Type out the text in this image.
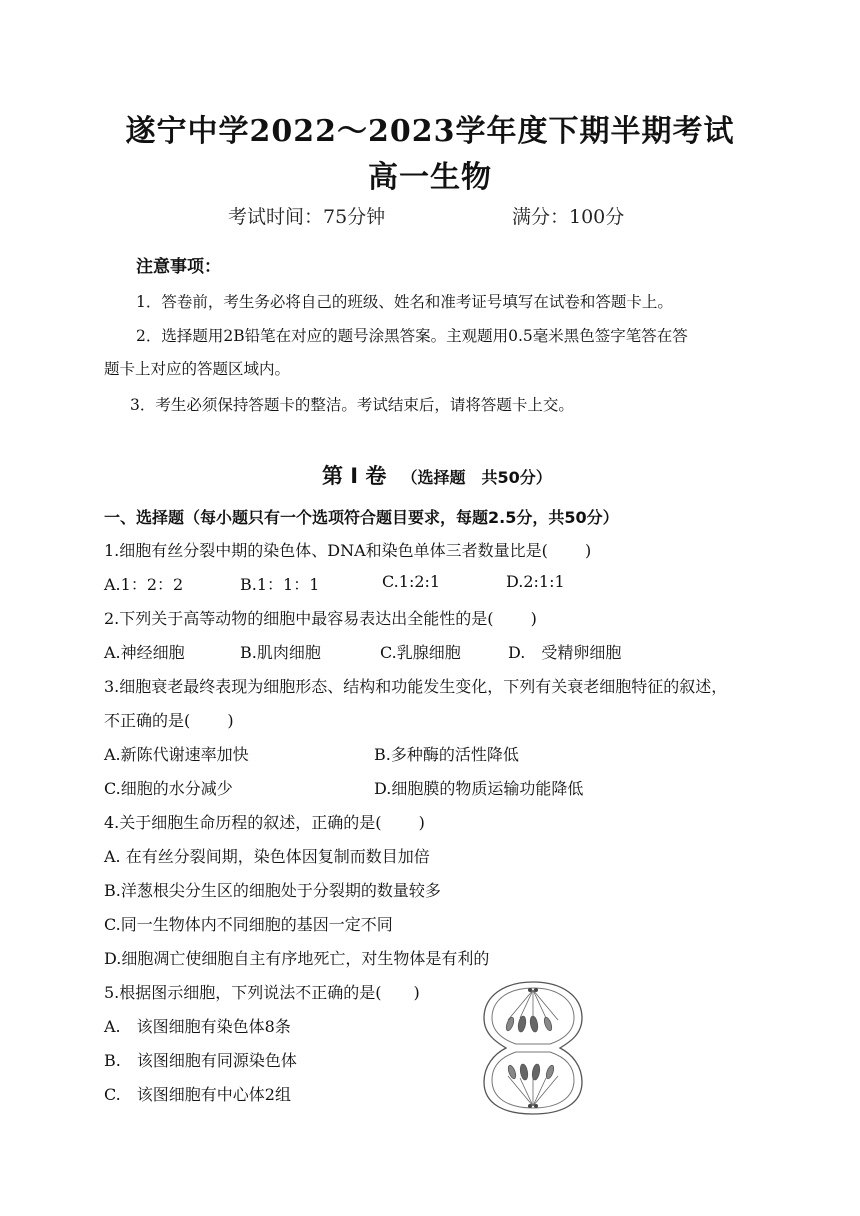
遂宁中学2022～2023学年度下期半期考试
高一生物
考试时间：75分钟	满分：100分
注意事项：
1．答卷前，考生务必将自己的班级、姓名和准考证号填写在试卷和答题卡上。
2．选择题用2B铅笔在对应的题号涂黑答案。主观题用0.5毫米黑色签字笔答在答
题卡上对应的答题区域内。
3．考生必须保持答题卡的整洁。考试结束后，请将答题卡上交。
第 I 卷 （选择题　共50分）
一、选择题（每小题只有一个选项符合题目要求，每题2.5分，共50分）
1.细胞有丝分裂中期的染色体、DNA和染色单体三者数量比是(　　 )
A.1：2：2	B.1：1：1	C.1:2:1	D.2:1:1
2.下列关于高等动物的细胞中最容易表达出全能性的是(　　 )
A.神经细胞	B.肌肉细胞	C.乳腺细胞	D.　受精卵细胞
3.细胞衰老最终表现为细胞形态、结构和功能发生变化，下列有关衰老细胞特征的叙述，
不正确的是(　　 )
A.新陈代谢速率加快	B.多种酶的活性降低
C.细胞的水分减少	D.细胞膜的物质运输功能降低
4.关于细胞生命历程的叙述，正确的是(　　 )
A. 在有丝分裂间期，染色体因复制而数目加倍
B.洋葱根尖分生区的细胞处于分裂期的数量较多
C.同一生物体内不同细胞的基因一定不同
D.细胞凋亡使细胞自主有序地死亡，对生物体是有利的
5.根据图示细胞，下列说法不正确的是(　　)
A.　该图细胞有染色体8条
B.　该图细胞有同源染色体
C.　该图细胞有中心体2组
